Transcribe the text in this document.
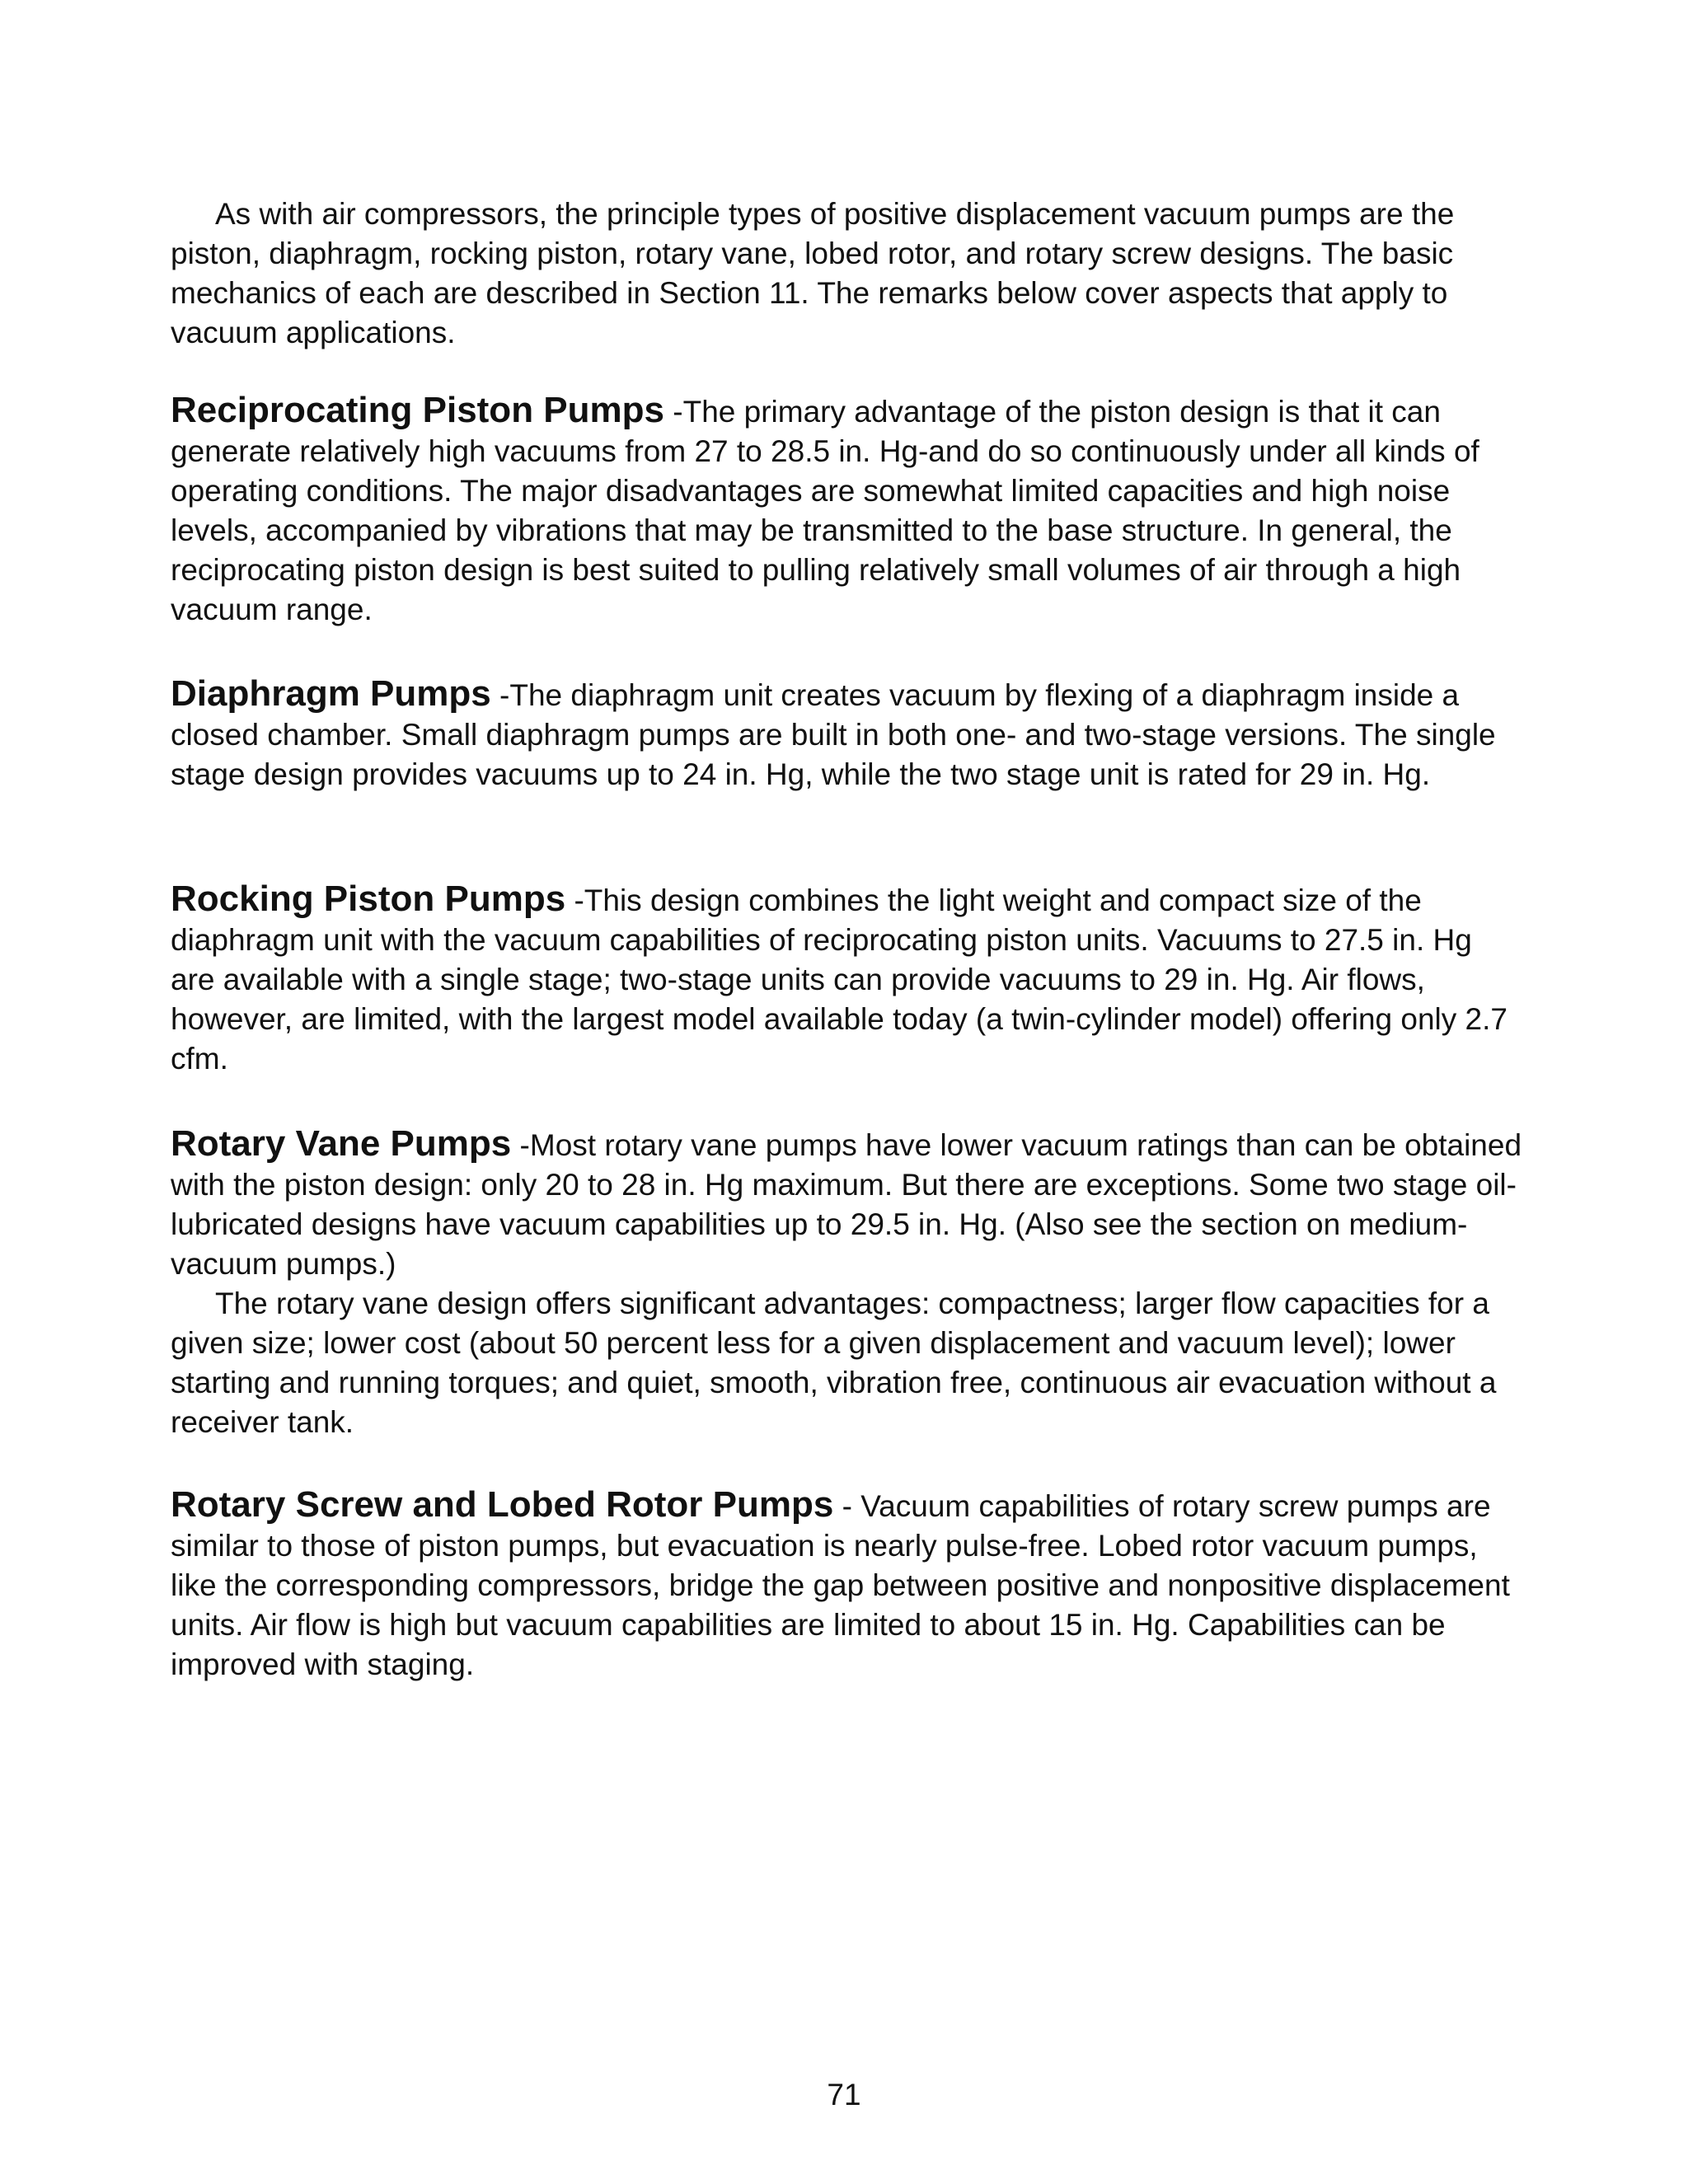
As with air compressors, the principle types of positive displacement vacuum pumps are the piston, diaphragm, rocking piston, rotary vane, lobed rotor, and rotary screw designs. The basic mechanics of each are described in Section 11. The remarks below cover aspects that apply to vacuum applications.
Reciprocating Piston Pumps -The primary advantage of the piston design is that it can generate relatively high vacuums from 27 to 28.5 in. Hg-and do so continuously under all kinds of operating conditions. The major disadvantages are somewhat limited capacities and high noise levels, accompanied by vibrations that may be transmitted to the base structure. In general, the reciprocating piston design is best suited to pulling relatively small volumes of air through a high vacuum range.
Diaphragm Pumps -The diaphragm unit creates vacuum by flexing of a diaphragm inside a closed chamber. Small diaphragm pumps are built in both one- and two-stage versions. The single stage design provides vacuums up to 24 in. Hg, while the two stage unit is rated for 29 in. Hg.
Rocking Piston Pumps -This design combines the light weight and compact size of the diaphragm unit with the vacuum capabilities of reciprocating piston units. Vacuums to 27.5 in. Hg are available with a single stage; two-stage units can provide vacuums to 29 in. Hg. Air flows, however, are limited, with the largest model available today (a twin-cylinder model) offering only 2.7 cfm.
Rotary Vane Pumps -Most rotary vane pumps have lower vacuum ratings than can be obtained with the piston design: only 20 to 28 in. Hg maximum. But there are exceptions. Some two stage oil-lubricated designs have vacuum capabilities up to 29.5 in. Hg. (Also see the section on medium-vacuum pumps.)
The rotary vane design offers significant advantages: compactness; larger flow capacities for a given size; lower cost (about 50 percent less for a given displacement and vacuum level); lower starting and running torques; and quiet, smooth, vibration free, continuous air evacuation without a receiver tank.
Rotary Screw and Lobed Rotor Pumps - Vacuum capabilities of rotary screw pumps are similar to those of piston pumps, but evacuation is nearly pulse-free. Lobed rotor vacuum pumps, like the corresponding compressors, bridge the gap between positive and nonpositive displacement units. Air flow is high but vacuum capabilities are limited to about 15 in. Hg. Capabilities can be improved with staging.
71
